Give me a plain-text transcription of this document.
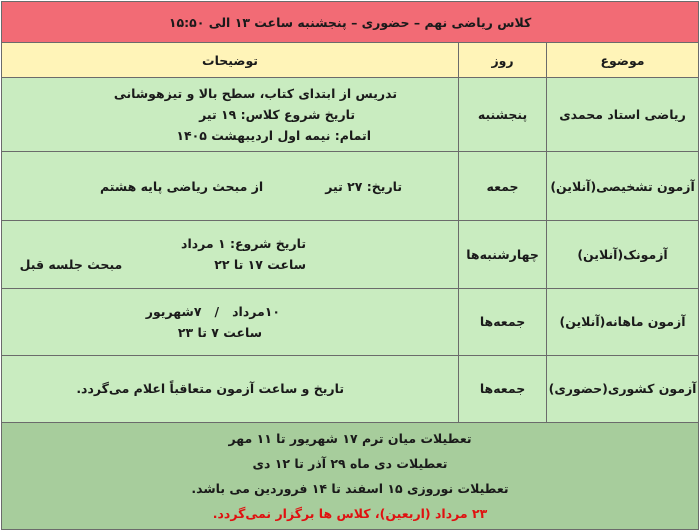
کلاس ریاضی نهم – حضوری – پنجشنبه ساعت ۱۳ الی ۱۵:۵۰		
موضوع	روز	توضیحات
ریاضی استاد محمدی	پنجشنبه	تدریس از ابتدای کتاب، سطح بالا و تیزهوشانی
تاریخ شروع کلاس: ۱۹ تیر
اتمام: نیمه اول اردیبهشت ۱۴۰۵

آزمون تشخیصی(آنلاین)	جمعه	تاریخ: ۲۷ تیر
از مبحث ریاضی پایه هشتم

آزمونک(آنلاین)	چهارشنبه‌ها	تاریخ شروع: ۱ مرداد
ساعت ۱۷ تا ۲۲
مبحث جلسه قبل

آزمون ماهانه(آنلاین)	جمعه‌ها	۱۰مرداد   /   ۷شهریور
ساعت ۷ تا ۲۳

آزمون کشوری(حضوری)	جمعه‌ها	تاریخ و ساعت آزمون متعاقباً اعلام می‌گردد.

تعطیلات میان ترم ۱۷ شهریور تا ۱۱ مهر
تعطیلات دی ماه ۲۹ آذر تا ۱۲ دی
تعطیلات نوروزی ۱۵ اسفند تا ۱۴ فروردین می باشد.
۲۳ مرداد (اربعین)، کلاس ها برگزار نمی‌گردد.		
